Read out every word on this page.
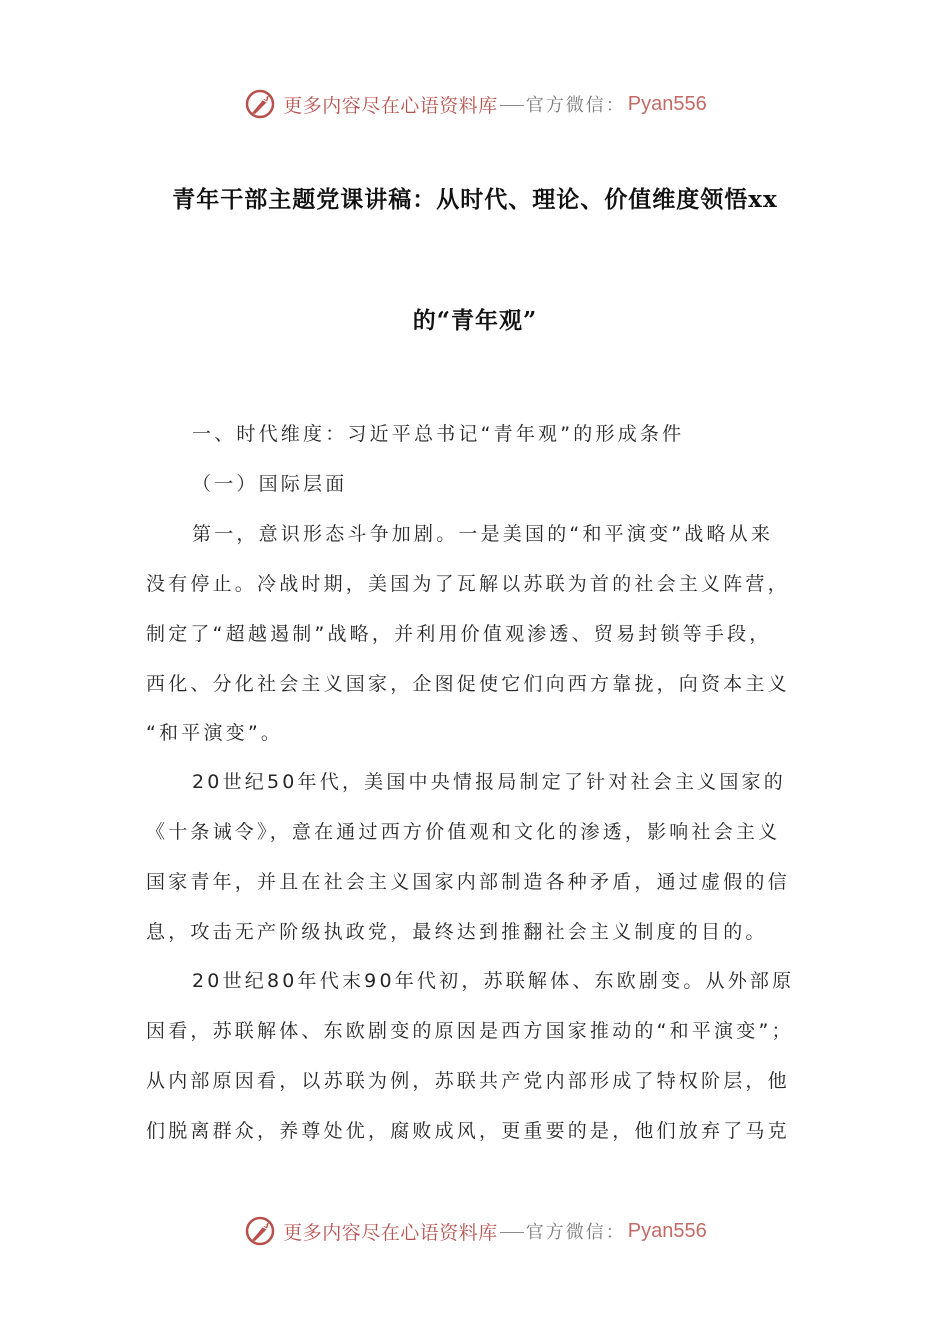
更多内容尽在心语资料库 官方微信： Pyan556
青年干部主题党课讲稿：从时代、理论、价值维度领悟xx
的“青年观”
一、时代维度：习近平总书记“青年观”的形成条件
（一）国际层面
第一，意识形态斗争加剧。一是美国的“和平演变”战略从来
没有停止。冷战时期，美国为了瓦解以苏联为首的社会主义阵营，
制定了“超越遏制”战略，并利用价值观渗透、贸易封锁等手段，
西化、分化社会主义国家，企图促使它们向西方靠拢，向资本主义
“和平演变”。
20世纪50年代，美国中央情报局制定了针对社会主义国家的
《十条诫令》，意在通过西方价值观和文化的渗透，影响社会主义
国家青年，并且在社会主义国家内部制造各种矛盾，通过虚假的信
息，攻击无产阶级执政党，最终达到推翻社会主义制度的目的。
20世纪80年代末90年代初，苏联解体、东欧剧变。从外部原
因看，苏联解体、东欧剧变的原因是西方国家推动的“和平演变”；
从内部原因看，以苏联为例，苏联共产党内部形成了特权阶层，他
们脱离群众，养尊处优，腐败成风，更重要的是，他们放弃了马克
更多内容尽在心语资料库 官方微信： Pyan556
